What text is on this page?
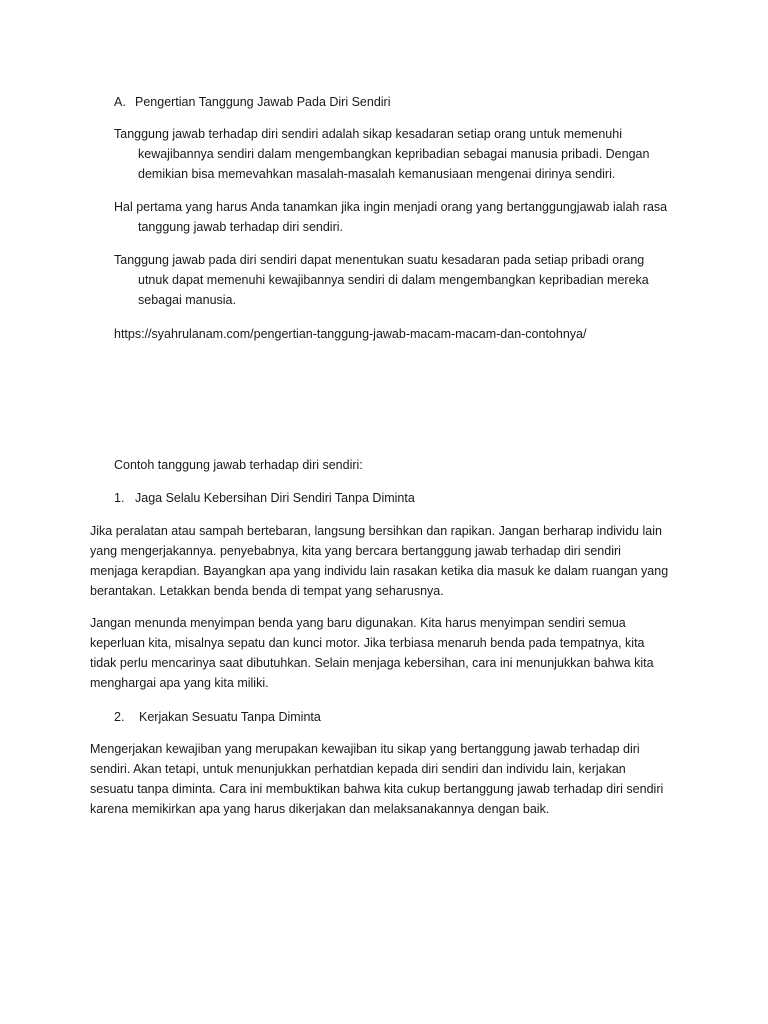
A. Pengertian Tanggung Jawab Pada Diri Sendiri

Tanggung jawab terhadap diri sendiri adalah sikap kesadaran setiap orang untuk memenuhi

kewajibannya sendiri dalam mengembangkan kepribadian sebagai manusia pribadi. Dengan

demikian bisa memevahkan masalah-masalah kemanusiaan mengenai dirinya sendiri.

Hal pertama yang harus Anda tanamkan jika ingin menjadi orang yang bertanggungjawab ialah rasa

tanggung jawab terhadap diri sendiri.

Tanggung jawab pada diri sendiri dapat menentukan suatu kesadaran pada setiap pribadi orang

utnuk dapat memenuhi kewajibannya sendiri di dalam mengembangkan kepribadian mereka

sebagai manusia.

https://syahrulanam.com/pengertian-tanggung-jawab-macam-macam-dan-contohnya/

Contoh tanggung jawab terhadap diri sendiri:

1. Jaga Selalu Kebersihan Diri Sendiri Tanpa Diminta

Jika peralatan atau sampah bertebaran, langsung bersihkan dan rapikan. Jangan berharap individu lain

yang mengerjakannya. penyebabnya, kita yang bercara bertanggung jawab terhadap diri sendiri

menjaga kerapdian. Bayangkan apa yang individu lain rasakan ketika dia masuk ke dalam ruangan yang

berantakan. Letakkan benda benda di tempat yang seharusnya.

Jangan menunda menyimpan benda yang baru digunakan. Kita harus menyimpan sendiri semua

keperluan kita, misalnya sepatu dan kunci motor. Jika terbiasa menaruh benda pada tempatnya, kita

tidak perlu mencarinya saat dibutuhkan. Selain menjaga kebersihan, cara ini menunjukkan bahwa kita

menghargai apa yang kita miliki.

2. Kerjakan Sesuatu Tanpa Diminta

Mengerjakan kewajiban yang merupakan kewajiban itu sikap yang bertanggung jawab terhadap diri

sendiri. Akan tetapi, untuk menunjukkan perhatdian kepada diri sendiri dan individu lain, kerjakan

sesuatu tanpa diminta. Cara ini membuktikan bahwa kita cukup bertanggung jawab terhadap diri sendiri

karena memikirkan apa yang harus dikerjakan dan melaksanakannya dengan baik.
